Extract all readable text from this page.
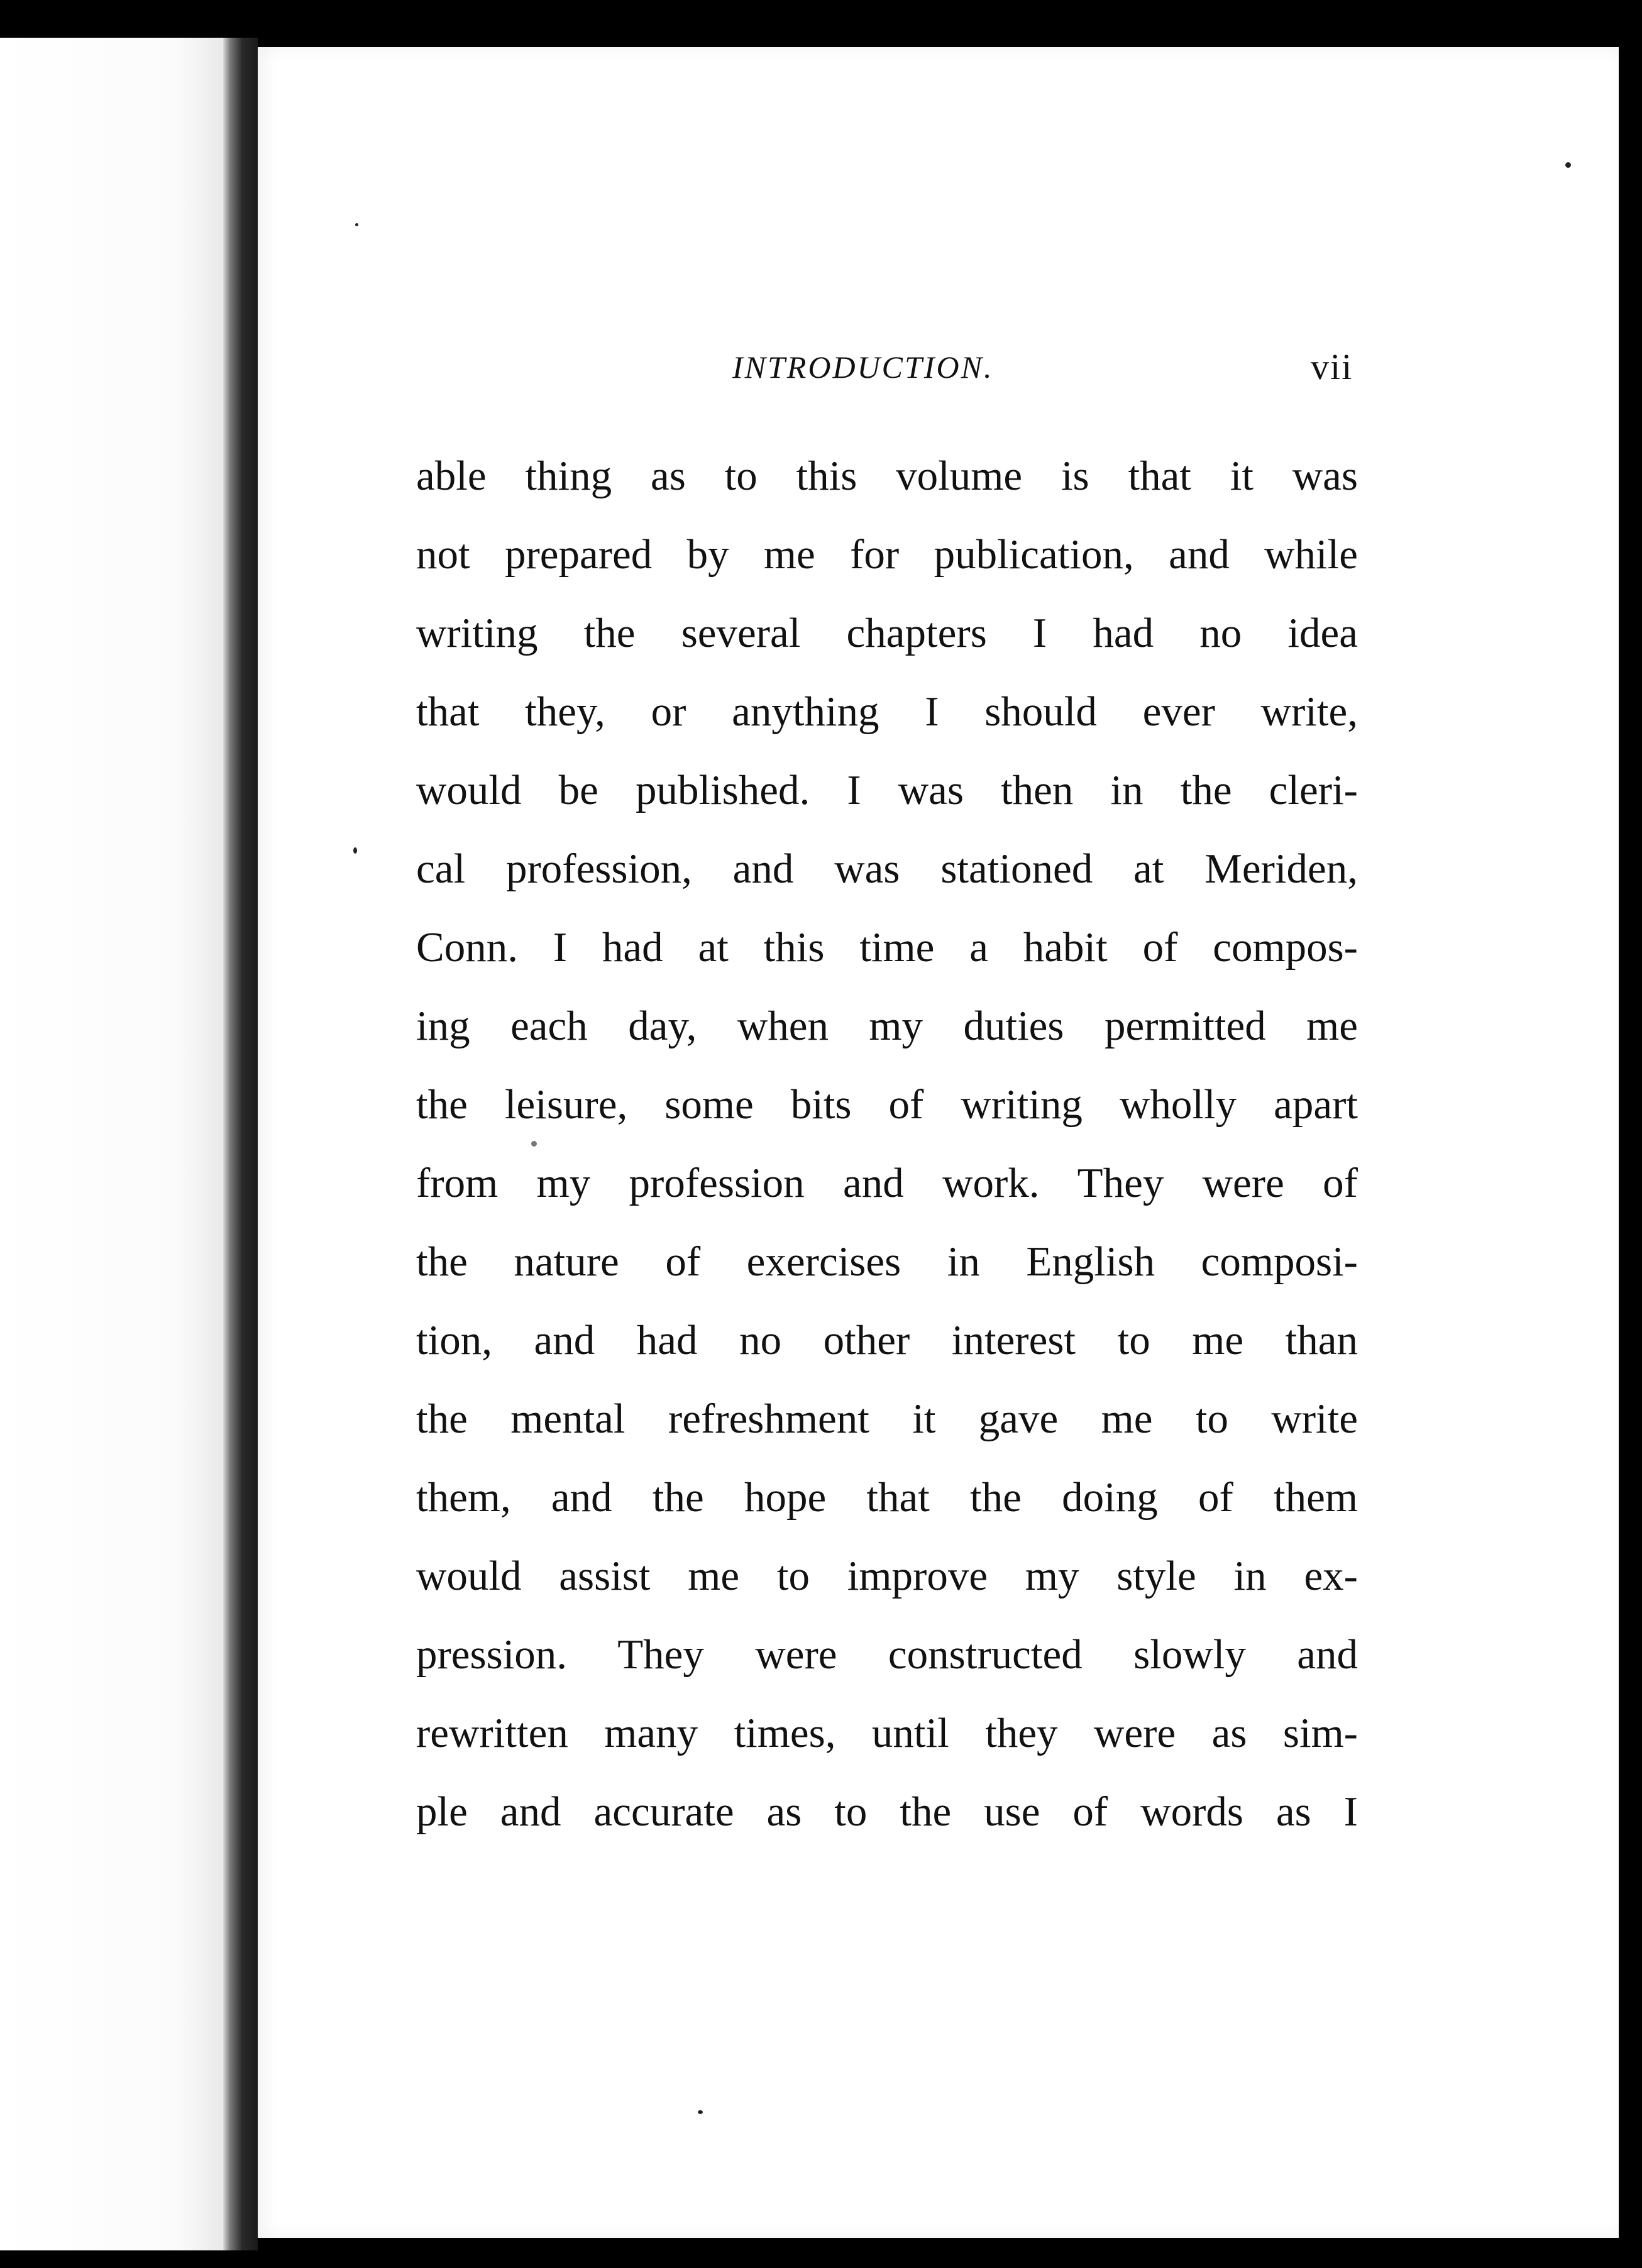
INTRODUCTION.	vii
able thing as to this volume is that it was
not prepared by me for publication, and while
writing the several chapters I had no idea
that they, or anything I should ever write,
would be published. I was then in the cleri-
cal profession, and was stationed at Meriden,
Conn. I had at this time a habit of compos-
ing each day, when my duties permitted me
the leisure, some bits of writing wholly apart
from my profession and work. They were of
the nature of exercises in English composi-
tion, and had no other interest to me than
the mental refreshment it gave me to write
them, and the hope that the doing of them
would assist me to improve my style in ex-
pression. They were constructed slowly and
rewritten many times, until they were as sim-
ple and accurate as to the use of words as I
